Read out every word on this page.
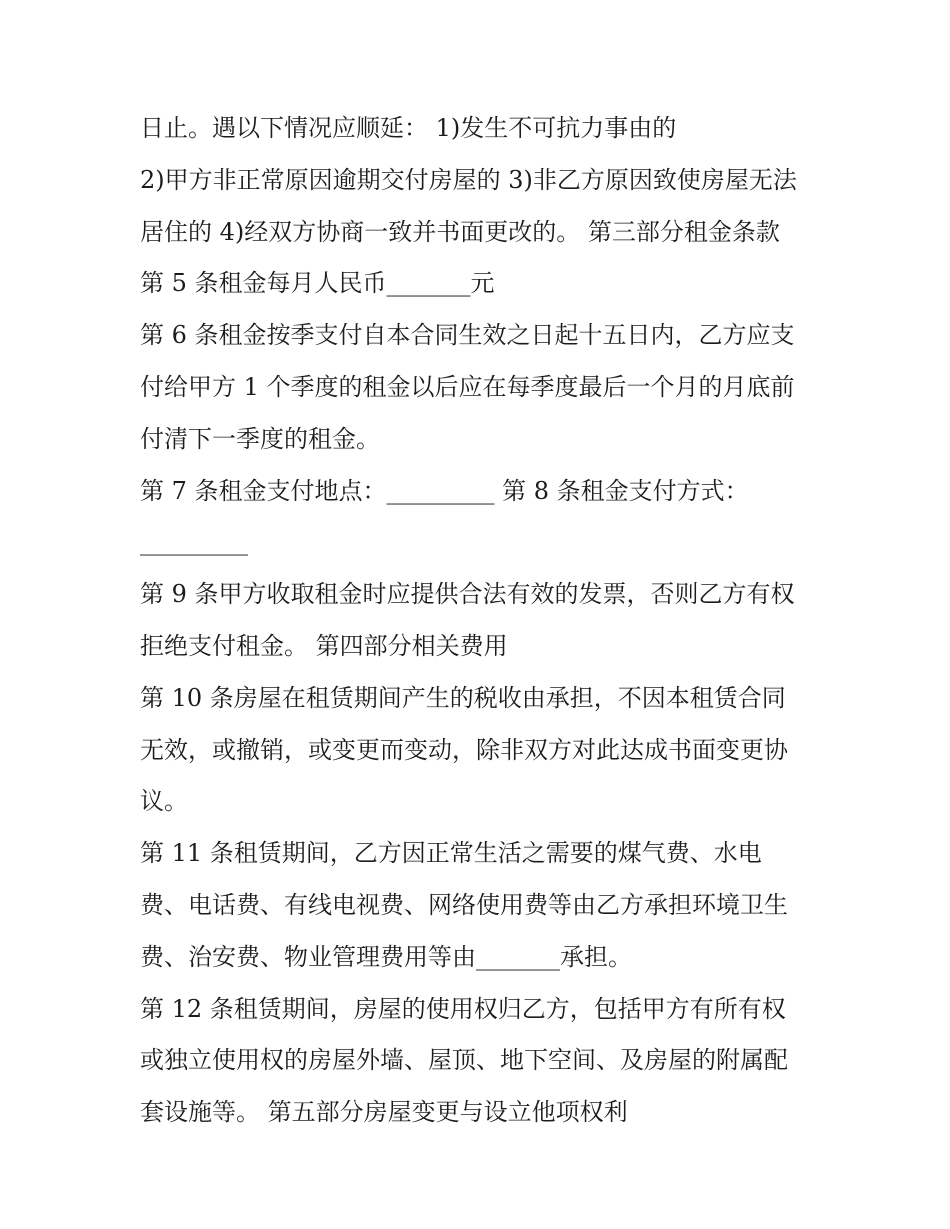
日止。遇以下情况应顺延： 1)发生不可抗力事由的
2)甲方非正常原因逾期交付房屋的 3)非乙方原因致使房屋无法
居住的 4)经双方协商一致并书面更改的。 第三部分租金条款
第 5 条租金每月人民币_______元
第 6 条租金按季支付自本合同生效之日起十五日内，乙方应支
付给甲方 1 个季度的租金以后应在每季度最后一个月的月底前
付清下一季度的租金。
第 7 条租金支付地点：_________ 第 8 条租金支付方式：
_________
第 9 条甲方收取租金时应提供合法有效的发票，否则乙方有权
拒绝支付租金。 第四部分相关费用
第 10 条房屋在租赁期间产生的税收由承担，不因本租赁合同
无效，或撤销，或变更而变动，除非双方对此达成书面变更协
议。
第 11 条租赁期间，乙方因正常生活之需要的煤气费、水电
费、电话费、有线电视费、网络使用费等由乙方承担环境卫生
费、治安费、物业管理费用等由_______承担。
第 12 条租赁期间，房屋的使用权归乙方，包括甲方有所有权
或独立使用权的房屋外墙、屋顶、地下空间、及房屋的附属配
套设施等。 第五部分房屋变更与设立他项权利
